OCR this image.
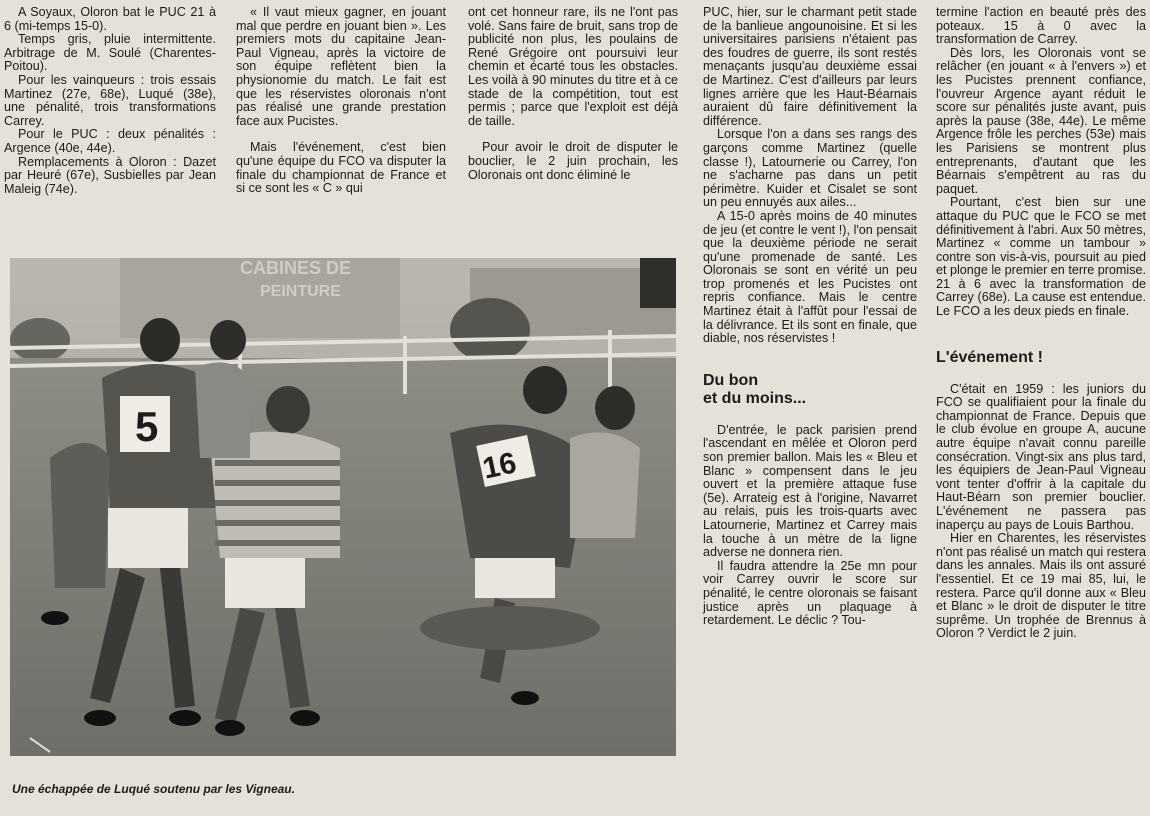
A Soyaux, Oloron bat le PUC 21 à 6 (mi-temps 15-0).

Temps gris, pluie intermittente. Arbitrage de M. Soulé (Charentes-Poitou).

Pour les vainqueurs : trois essais Martinez (27e, 68e), Luqué (38e), une pénalité, trois transformations Carrey.

Pour le PUC : deux pénalités : Argence (40e, 44e).

Remplacements à Oloron : Dazet par Heuré (67e), Susbielles par Jean Maleig (74e).

« Il vaut mieux gagner, en jouant mal que perdre en jouant bien ». Les premiers mots du capitaine Jean-Paul Vigneau, après la victoire de son équipe reflètent bien la physionomie du match. Le fait est que les réservistes oloronais n'ont pas réalisé une grande prestation face aux Pucistes.

Mais l'événement, c'est bien qu'une équipe du FCO va disputer la finale du championnat de France et si ce sont les « C » qui

ont cet honneur rare, ils ne l'ont pas volé. Sans faire de bruit, sans trop de publicité non plus, les poulains de René Grégoire ont poursuivi leur chemin et écarté tous les obstacles. Les voilà à 90 minutes du titre et à ce stade de la compétition, tout est permis ; parce que l'exploit est déjà de taille.

Pour avoir le droit de disputer le bouclier, le 2 juin prochain, les Oloronais ont donc éliminé le

PUC, hier, sur le charmant petit stade de la banlieue angounoisine. Et si les universitaires parisiens n'étaient pas des foudres de guerre, ils sont restés menaçants jusqu'au deuxième essai de Martinez. C'est d'ailleurs par leurs lignes arrière que les Haut-Béarnais auraient dû faire définitivement la différence.

Lorsque l'on a dans ses rangs des garçons comme Martinez (quelle classe !), Latournerie ou Carrey, l'on ne s'acharne pas dans un petit périmètre. Kuider et Cisalet se sont un peu ennuyés aux ailes...

A 15-0 après moins de 40 minutes de jeu (et contre le vent !), l'on pensait que la deuxième période ne serait qu'une promenade de santé. Les Oloronais se sont en vérité un peu trop promenés et les Pucistes ont repris confiance. Mais le centre Martinez était à l'affût pour l'essai de la délivrance. Et ils sont en finale, que diable, nos réservistes !

Du bon

et du moins...

D'entrée, le pack parisien prend l'ascendant en mêlée et Oloron perd son premier ballon. Mais les « Bleu et Blanc » compensent dans le jeu ouvert et la première attaque fuse (5e). Arrateig est à l'origine, Navarret au relais, puis les trois-quarts avec Latournerie, Martinez et Carrey mais la touche à un mètre de la ligne adverse ne donnera rien.

Il faudra attendre la 25e mn pour voir Carrey ouvrir le score sur pénalité, le centre oloronais se faisant justice après un plaquage à retardement. Le déclic ? Tou-

termine l'action en beauté près des poteaux. 15 à 0 avec la transformation de Carrey.

Dès lors, les Oloronais vont se relâcher (en jouant « à l'envers ») et les Pucistes prennent confiance, l'ouvreur Argence ayant réduit le score sur pénalités juste avant, puis après la pause (38e, 44e). Le même Argence frôle les perches (53e) mais les Parisiens se montrent plus entreprenants, d'autant que les Béarnais s'empêtrent au ras du paquet.

Pourtant, c'est bien sur une attaque du PUC que le FCO se met définitivement à l'abri. Aux 50 mètres, Martinez « comme un tambour » contre son vis-à-vis, poursuit au pied et plonge le premier en terre promise. 21 à 6 avec la transformation de Carrey (68e). La cause est entendue. Le FCO a les deux pieds en finale.

L'événement !

C'était en 1959 : les juniors du FCO se qualifiaient pour la finale du championnat de France. Depuis que le club évolue en groupe A, aucune autre équipe n'avait connu pareille consécration. Vingt-six ans plus tard, les équipiers de Jean-Paul Vigneau vont tenter d'offrir à la capitale du Haut-Béarn son premier bouclier. L'événement ne passera pas inaperçu au pays de Louis Barthou.

Hier en Charentes, les réservistes n'ont pas réalisé un match qui restera dans les annales. Mais ils ont assuré l'essentiel. Et ce 19 mai 85, lui, le restera. Parce qu'il donne aux « Bleu et Blanc » le droit de disputer le titre suprême. Un trophée de Brennus à Oloron ? Verdict le 2 juin.

CABINES DE
PEINTURE
5
16
Une échappée de Luqué soutenu par les Vigneau.
